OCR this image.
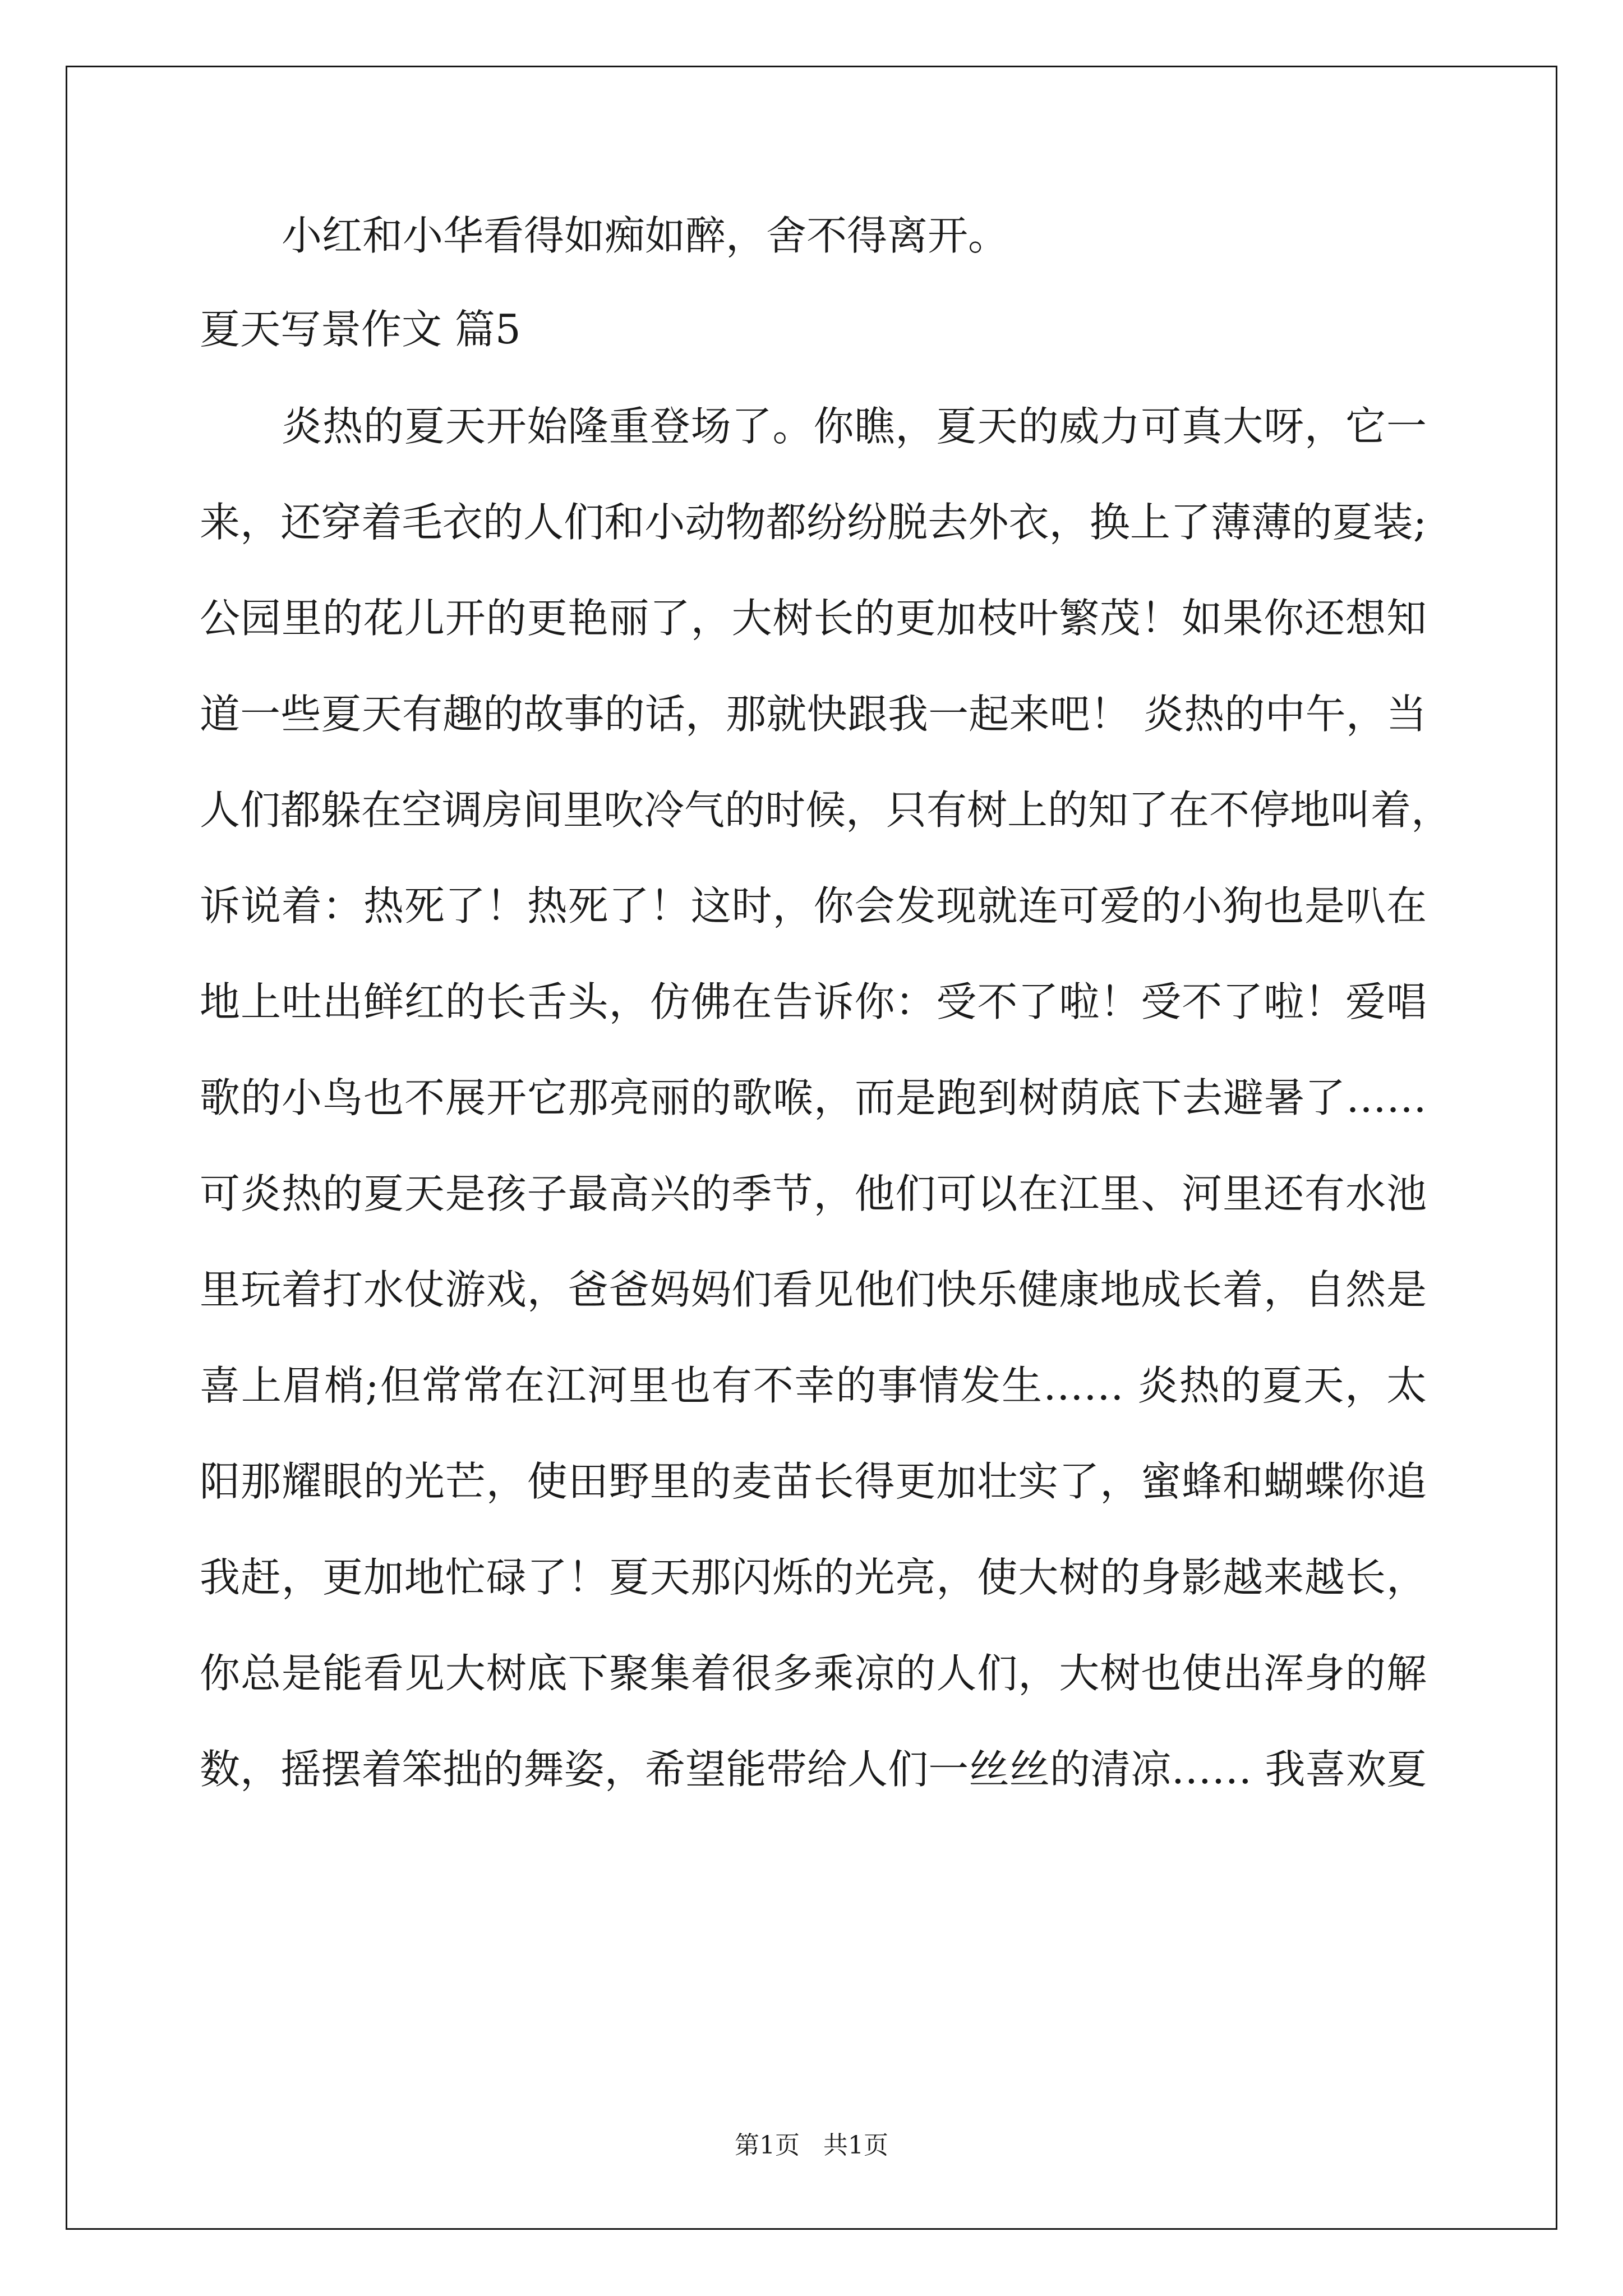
小红和小华看得如痴如醉，舍不得离开。
夏天写景作文 篇5
炎热的夏天开始隆重登场了。你瞧，夏天的威力可真大呀，它一
来，还穿着毛衣的人们和小动物都纷纷脱去外衣，换上了薄薄的夏装;
公园里的花儿开的更艳丽了，大树长的更加枝叶繁茂！如果你还想知
道一些夏天有趣的故事的话，那就快跟我一起来吧！ 炎热的中午，当
人们都躲在空调房间里吹冷气的时候，只有树上的知了在不停地叫着，
诉说着：热死了！热死了！这时，你会发现就连可爱的小狗也是叭在
地上吐出鲜红的长舌头，仿佛在告诉你：受不了啦！受不了啦！爱唱
歌的小鸟也不展开它那亮丽的歌喉，而是跑到树荫底下去避暑了……
可炎热的夏天是孩子最高兴的季节，他们可以在江里、河里还有水池
里玩着打水仗游戏，爸爸妈妈们看见他们快乐健康地成长着，自然是
喜上眉梢;但常常在江河里也有不幸的事情发生…… 炎热的夏天，太
阳那耀眼的光芒，使田野里的麦苗长得更加壮实了，蜜蜂和蝴蝶你追
我赶，更加地忙碌了！夏天那闪烁的光亮，使大树的身影越来越长，
你总是能看见大树底下聚集着很多乘凉的人们，大树也使出浑身的解
数，摇摆着笨拙的舞姿，希望能带给人们一丝丝的清凉…… 我喜欢夏
第1页   共1页
